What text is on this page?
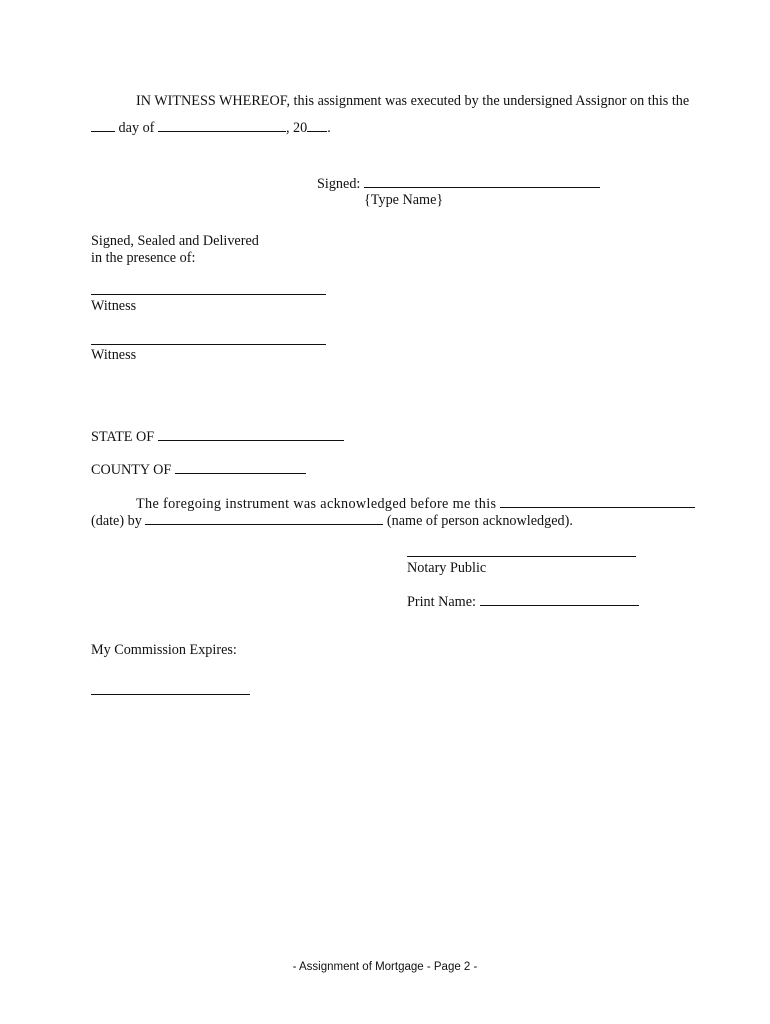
IN WITNESS WHEREOF, this assignment was executed by the undersigned Assignor on this the
day of	, 20 .
Signed:
{Type Name}
Signed, Sealed and Delivered
in the presence of:
Witness
Witness
STATE OF
COUNTY OF
The foregoing instrument was acknowledged before me this
(date) by	(name of person acknowledged).
Notary Public
Print Name:
My Commission Expires:
- Assignment of Mortgage - Page 2 -
